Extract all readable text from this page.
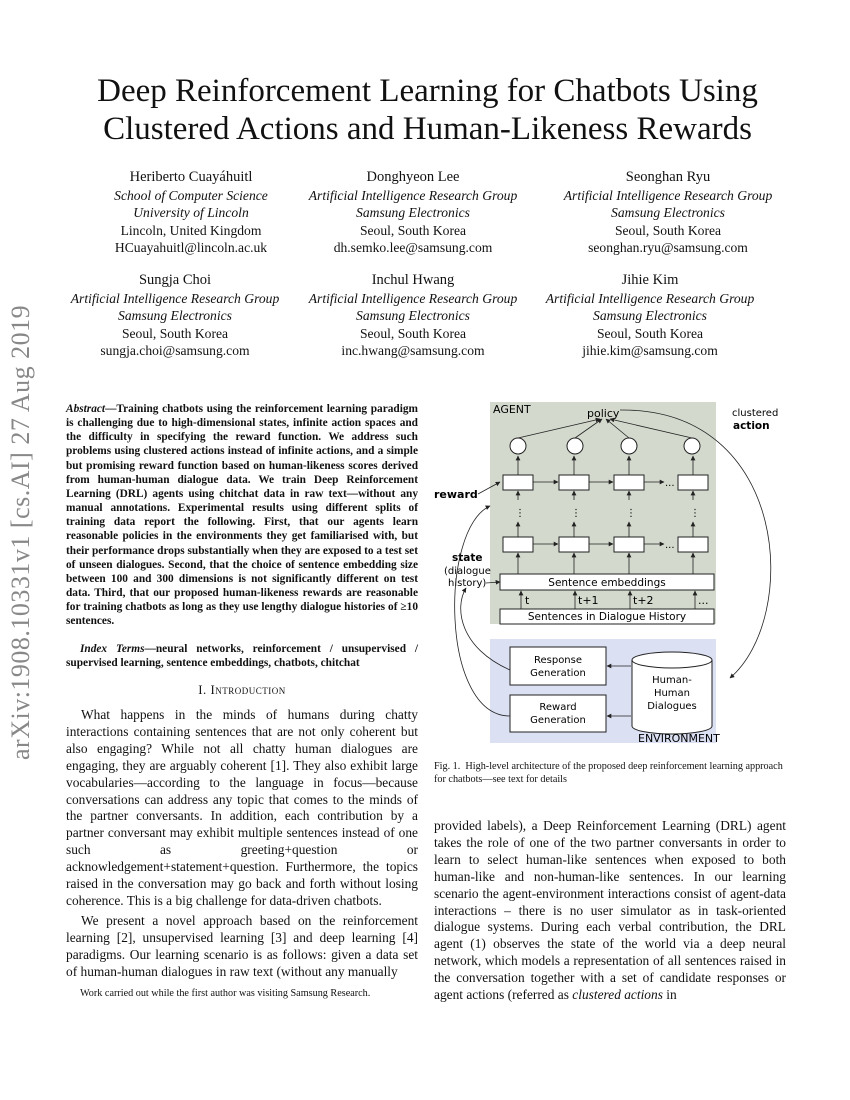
arXiv:1908.10331v1 [cs.AI] 27 Aug 2019
Deep Reinforcement Learning for Chatbots Using Clustered Actions and Human-Likeness Rewards
Heriberto Cuayáhuitl
School of Computer Science
University of Lincoln
Lincoln, United Kingdom
HCuayahuitl@lincoln.ac.uk
Donghyeon Lee
Artificial Intelligence Research Group
Samsung Electronics
Seoul, South Korea
dh.semko.lee@samsung.com
Seonghan Ryu
Artificial Intelligence Research Group
Samsung Electronics
Seoul, South Korea
seonghan.ryu@samsung.com
Sungja Choi
Artificial Intelligence Research Group
Samsung Electronics
Seoul, South Korea
sungja.choi@samsung.com
Inchul Hwang
Artificial Intelligence Research Group
Samsung Electronics
Seoul, South Korea
inc.hwang@samsung.com
Jihie Kim
Artificial Intelligence Research Group
Samsung Electronics
Seoul, South Korea
jihie.kim@samsung.com
Abstract—Training chatbots using the reinforcement learning paradigm is challenging due to high-dimensional states, infinite action spaces and the difficulty in specifying the reward function. We address such problems using clustered actions instead of infinite actions, and a simple but promising reward function based on human-likeness scores derived from human-human dialogue data. We train Deep Reinforcement Learning (DRL) agents using chitchat data in raw text—without any manual annotations. Experimental results using different splits of training data report the following. First, that our agents learn reasonable policies in the environments they get familiarised with, but their performance drops substantially when they are exposed to a test set of unseen dialogues. Second, that the choice of sentence embedding size between 100 and 300 dimensions is not significantly different on test data. Third, that our proposed human-likeness rewards are reasonable for training chatbots as long as they use lengthy dialogue histories of ≥10 sentences.
Index Terms—neural networks, reinforcement / unsupervised / supervised learning, sentence embeddings, chatbots, chitchat
I. Introduction

What happens in the minds of humans during chatty interactions containing sentences that are not only coherent but also engaging? While not all chatty human dialogues are engaging, they are arguably coherent [1]. They also exhibit large vocabularies—according to the language in focus—because conversations can address any topic that comes to the minds of the partner conversants. In addition, each contribution by a partner conversant may exhibit multiple sentences instead of one such as greeting+question or acknowledgement+statement+question. Furthermore, the topics raised in the conversation may go back and forth without losing coherence. This is a big challenge for data-driven chatbots.

We present a novel approach based on the reinforcement learning [2], unsupervised learning [3] and deep learning [4] paradigms. Our learning scenario is as follows: given a data set of human-human dialogues in raw text (without any manually

Work carried out while the first author was visiting Samsung Research.
AGENT	policy
...
⋮	⋮	⋮	⋮
...
Sentence embeddings
t	t+1	t+2	...
Sentences in Dialogue History
reward
state
(dialogue
history)
clustered
action
Response
Generation
Reward
Generation
Human-
Human
Dialogues
ENVIRONMENT
Fig. 1. High-level architecture of the proposed deep reinforcement learning approach for chatbots—see text for details
provided labels), a Deep Reinforcement Learning (DRL) agent takes the role of one of the two partner conversants in order to learn to select human-like sentences when exposed to both human-like and non-human-like sentences. In our learning scenario the agent-environment interactions consist of agent-data interactions – there is no user simulator as in task-oriented dialogue systems. During each verbal contribution, the DRL agent (1) observes the state of the world via a deep neural network, which models a representation of all sentences raised in the conversation together with a set of candidate responses or agent actions (referred as clustered actions in
